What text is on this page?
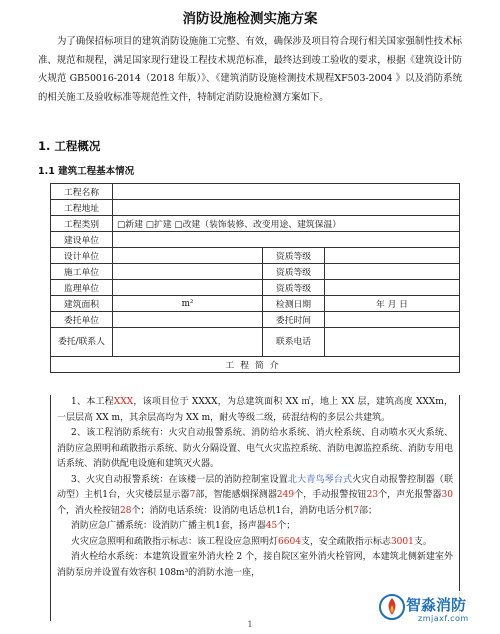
消防设施检测实施方案

为了确保招标项目的建筑消防设施施工完整、有效，确保涉及项目符合现行相关国家强制性技术标准、规范和规程，满足国家现行建设工程技术规范标准，最终达到竣工验收的要求，根据《建筑设计防火规范 GB50016-2014（2018 年版）》、《建筑消防设施检测技术规程XF503-2004 》以及消防系统的相关施工及验收标准等规范性文件，特制定消防设施检测方案如下。

1. 工程概况
1.1 建筑工程基本情况
工程名称			
工程地址			
工程类别	□新建 □扩建 □改建（装饰装修、改变用途、建筑保温）		
建设单位			
设计单位		资质等级	
施工单位		资质等级	
监理单位		资质等级	
建筑面积	m²	检测日期	年 月 日
委托单位		委托时间	
委托/联系人		联系电话	
工程简介			

1、本工程XXX，该项目位于 XXXX，为总建筑面积 XX ㎡，地上 XX 层，建筑高度 XXXm，一层层高 XX m，其余层高均为 XX m，耐火等级二级，砖混结构的多层公共建筑。

2、该工程消防系统有：火灾自动报警系统、消防给水系统、消火栓系统、自动喷水灭火系统、消防应急照明和疏散指示系统、防火分隔设置、电气火灾监控系统、消防电源监控系统、消防专用电话系统、消防供配电设施和建筑灭火器。

3、火灾自动报警系统：在该楼一层的消防控制室设置北大青鸟琴台式火灾自动报警控制器（联动型）主机1台，火灾楼层显示器7部，智能感烟探测器249个，手动报警按钮23个，声光报警器30个，消火栓按钮28个；消防电话系统：设消防电话总机1台，消防电话分机7部；

消防应急广播系统：设消防广播主机1套，扬声器45个；

火灾应急照明和疏散指示标志：该工程设应急照明灯6604支，安全疏散指示标志3001支。

消火栓给水系统：本建筑设置室外消火栓 2 个，接自院区室外消火栓管网，本建筑北侧新建室外消防泵房并设置有效容积 108m³的消防水池一座，

智淼消防
zmjaxf.com
1
